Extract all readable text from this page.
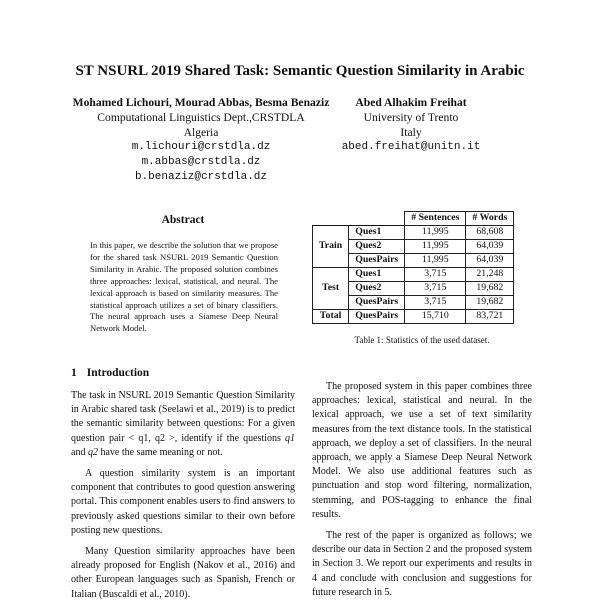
ST NSURL 2019 Shared Task: Semantic Question Similarity in Arabic
Mohamed Lichouri, Mourad Abbas, Besma Benaziz
Computational Linguistics Dept.,CRSTDLA
Algeria
m.lichouri@crstdla.dz
m.abbas@crstdla.dz
b.benaziz@crstdla.dz
Abed Alhakim Freihat
University of Trento
Italy
abed.freihat@unitn.it
Abstract
In this paper, we describe the solution that we propose for the shared task NSURL 2019 Semantic Question Similarity in Arabic. The proposed solution combines three approaches: lexical, statistical, and neural. The lexical approach is based on similarity measures. The statistical approach utilizes a set of binary classifiers. The neural approach uses a Siamese Deep Neural Network Model.
		# Sentences	# Words
Train	Ques1	11,995	68,608
	Ques2	11,995	64,039
	QuesPairs	11,995	64,039
Test	Ques1	3,715	21,248
	Ques2	3,715	19,682
	QuesPairs	3,715	19,682
Total	QuesPairs	15,710	83,721
Table 1: Statistics of the used dataset.
1 Introduction

The task in NSURL 2019 Semantic Question Similarity in Arabic shared task (Seelawi et al., 2019) is to predict the semantic similarity between questions: For a given question pair < q1, q2 >, identify if the questions q1 and q2 have the same meaning or not.

A question similarity system is an important component that contributes to good question answering portal. This component enables users to find answers to previously asked questions similar to their own before posting new questions.

Many Question similarity approaches have been already proposed for English (Nakov et al., 2016) and other European languages such as Spanish, French or Italian (Buscaldi et al., 2010).

The proposed system in this paper combines three approaches: lexical, statistical and neural. In the lexical approach, we use a set of text similarity measures from the text distance tools. In the statistical approach, we deploy a set of classifiers. In the neural approach, we apply a Siamese Deep Neural Network Model. We also use additional features such as punctuation and stop word filtering, normalization, stemming, and POS-tagging to enhance the final results.

The rest of the paper is organized as follows; we describe our data in Section 2 and the proposed system in Section 3. We report our experiments and results in 4 and conclude with conclusion and suggestions for future research in 5.
